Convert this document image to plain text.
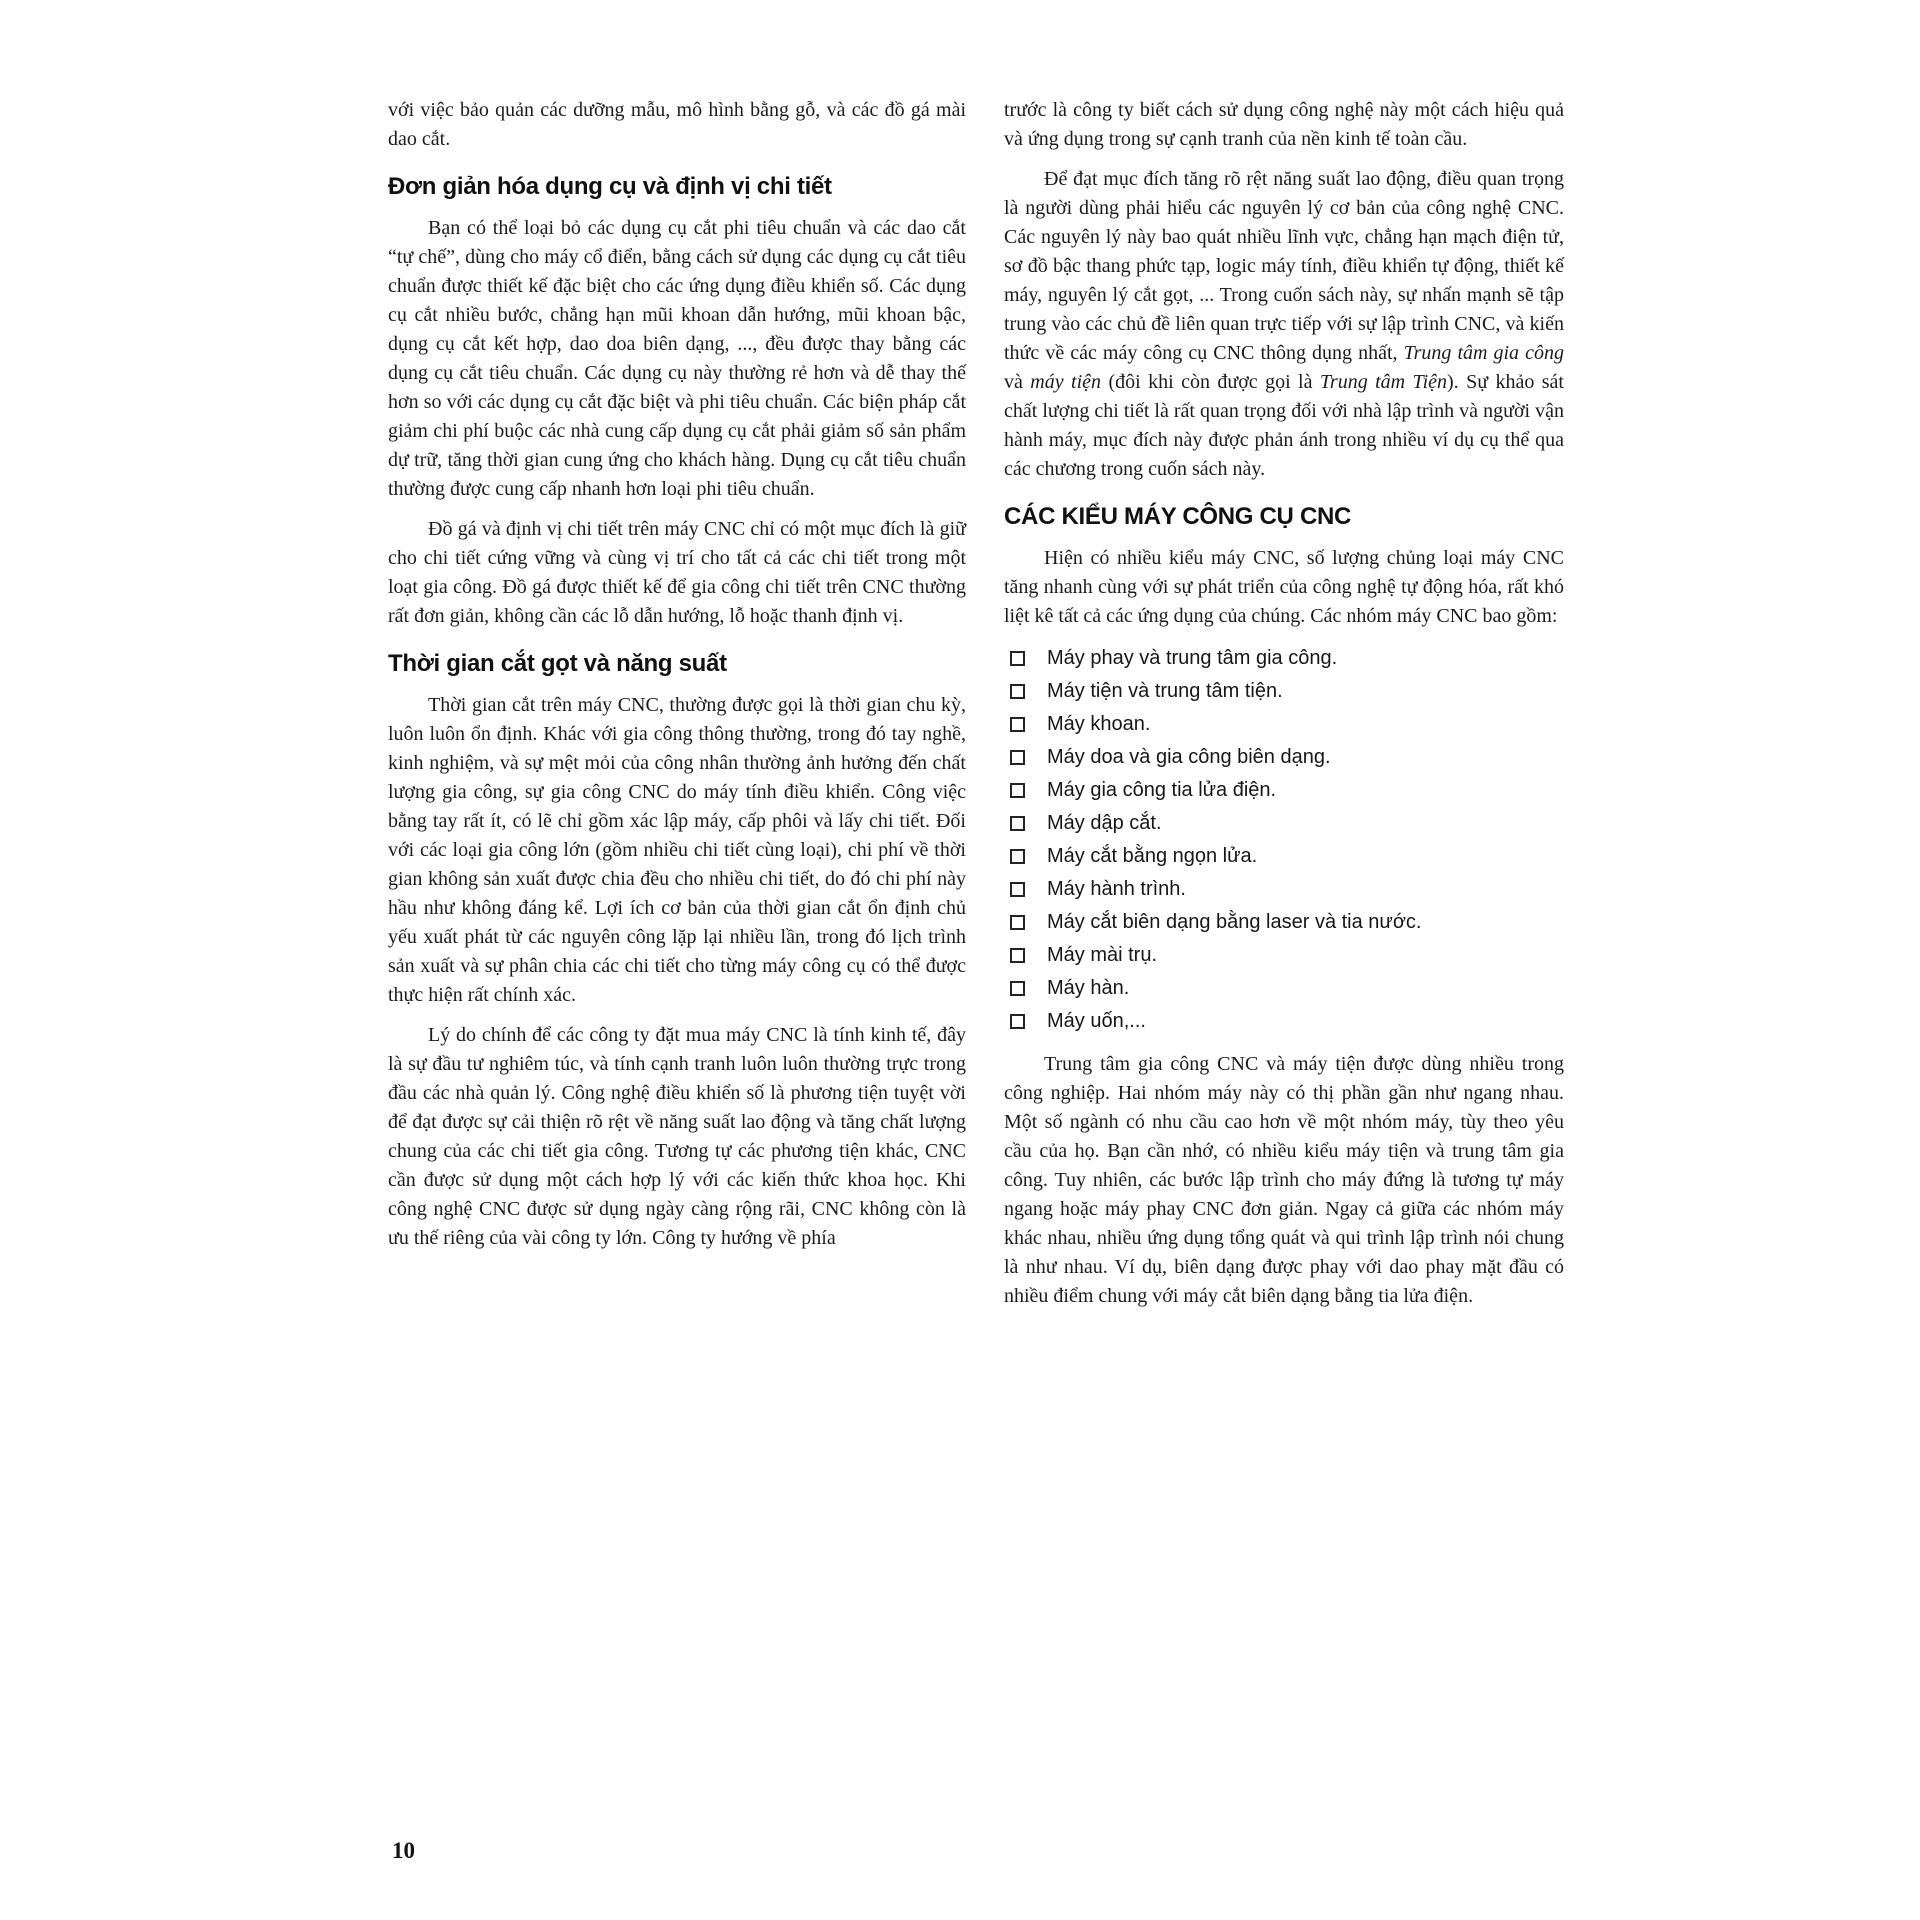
với việc bảo quản các dưỡng mẫu, mô hình bằng gỗ, và các đồ gá mài dao cắt.

Đơn giản hóa dụng cụ và định vị chi tiết

Bạn có thể loại bỏ các dụng cụ cắt phi tiêu chuẩn và các dao cắt “tự chế”, dùng cho máy cổ điển, bằng cách sử dụng các dụng cụ cắt tiêu chuẩn được thiết kế đặc biệt cho các ứng dụng điều khiển số. Các dụng cụ cắt nhiều bước, chẳng hạn mũi khoan dẫn hướng, mũi khoan bậc, dụng cụ cắt kết hợp, dao doa biên dạng, ..., đều được thay bằng các dụng cụ cắt tiêu chuẩn. Các dụng cụ này thường rẻ hơn và dễ thay thế hơn so với các dụng cụ cắt đặc biệt và phi tiêu chuẩn. Các biện pháp cắt giảm chi phí buộc các nhà cung cấp dụng cụ cắt phải giảm số sản phẩm dự trữ, tăng thời gian cung ứng cho khách hàng. Dụng cụ cắt tiêu chuẩn thường được cung cấp nhanh hơn loại phi tiêu chuẩn.

Đồ gá và định vị chi tiết trên máy CNC chỉ có một mục đích là giữ cho chi tiết cứng vững và cùng vị trí cho tất cả các chi tiết trong một loạt gia công. Đồ gá được thiết kế để gia công chi tiết trên CNC thường rất đơn giản, không cần các lỗ dẫn hướng, lỗ hoặc thanh định vị.

Thời gian cắt gọt và năng suất

Thời gian cắt trên máy CNC, thường được gọi là thời gian chu kỳ, luôn luôn ổn định. Khác với gia công thông thường, trong đó tay nghề, kinh nghiệm, và sự mệt mỏi của công nhân thường ảnh hưởng đến chất lượng gia công, sự gia công CNC do máy tính điều khiển. Công việc bằng tay rất ít, có lẽ chỉ gồm xác lập máy, cấp phôi và lấy chi tiết. Đối với các loại gia công lớn (gồm nhiều chi tiết cùng loại), chi phí về thời gian không sản xuất được chia đều cho nhiều chi tiết, do đó chi phí này hầu như không đáng kể. Lợi ích cơ bản của thời gian cắt ổn định chủ yếu xuất phát từ các nguyên công lặp lại nhiều lần, trong đó lịch trình sản xuất và sự phân chia các chi tiết cho từng máy công cụ có thể được thực hiện rất chính xác.

Lý do chính để các công ty đặt mua máy CNC là tính kinh tế, đây là sự đầu tư nghiêm túc, và tính cạnh tranh luôn luôn thường trực trong đầu các nhà quản lý. Công nghệ điều khiển số là phương tiện tuyệt vời để đạt được sự cải thiện rõ rệt về năng suất lao động và tăng chất lượng chung của các chi tiết gia công. Tương tự các phương tiện khác, CNC cần được sử dụng một cách hợp lý với các kiến thức khoa học. Khi công nghệ CNC được sử dụng ngày càng rộng rãi, CNC không còn là ưu thế riêng của vài công ty lớn. Công ty hướng về phía

trước là công ty biết cách sử dụng công nghệ này một cách hiệu quả và ứng dụng trong sự cạnh tranh của nền kinh tế toàn cầu.

Để đạt mục đích tăng rõ rệt năng suất lao động, điều quan trọng là người dùng phải hiểu các nguyên lý cơ bản của công nghệ CNC. Các nguyên lý này bao quát nhiều lĩnh vực, chẳng hạn mạch điện tử, sơ đồ bậc thang phức tạp, logic máy tính, điều khiển tự động, thiết kế máy, nguyên lý cắt gọt, ... Trong cuốn sách này, sự nhấn mạnh sẽ tập trung vào các chủ đề liên quan trực tiếp với sự lập trình CNC, và kiến thức về các máy công cụ CNC thông dụng nhất, Trung tâm gia công và máy tiện (đôi khi còn được gọi là Trung tâm Tiện). Sự khảo sát chất lượng chi tiết là rất quan trọng đối với nhà lập trình và người vận hành máy, mục đích này được phản ánh trong nhiều ví dụ cụ thể qua các chương trong cuốn sách này.

CÁC KIỂU MÁY CÔNG CỤ CNC

Hiện có nhiều kiểu máy CNC, số lượng chủng loại máy CNC tăng nhanh cùng với sự phát triển của công nghệ tự động hóa, rất khó liệt kê tất cả các ứng dụng của chúng. Các nhóm máy CNC bao gồm:

Máy phay và trung tâm gia công.
Máy tiện và trung tâm tiện.
Máy khoan.
Máy doa và gia công biên dạng.
Máy gia công tia lửa điện.
Máy dập cắt.
Máy cắt bằng ngọn lửa.
Máy hành trình.
Máy cắt biên dạng bằng laser và tia nước.
Máy mài trụ.
Máy hàn.
Máy uốn,...

Trung tâm gia công CNC và máy tiện được dùng nhiều trong công nghiệp. Hai nhóm máy này có thị phần gần như ngang nhau. Một số ngành có nhu cầu cao hơn về một nhóm máy, tùy theo yêu cầu của họ. Bạn cần nhớ, có nhiều kiểu máy tiện và trung tâm gia công. Tuy nhiên, các bước lập trình cho máy đứng là tương tự máy ngang hoặc máy phay CNC đơn giản. Ngay cả giữa các nhóm máy khác nhau, nhiều ứng dụng tổng quát và qui trình lập trình nói chung là như nhau. Ví dụ, biên dạng được phay với dao phay mặt đầu có nhiều điểm chung với máy cắt biên dạng bằng tia lửa điện.

10
